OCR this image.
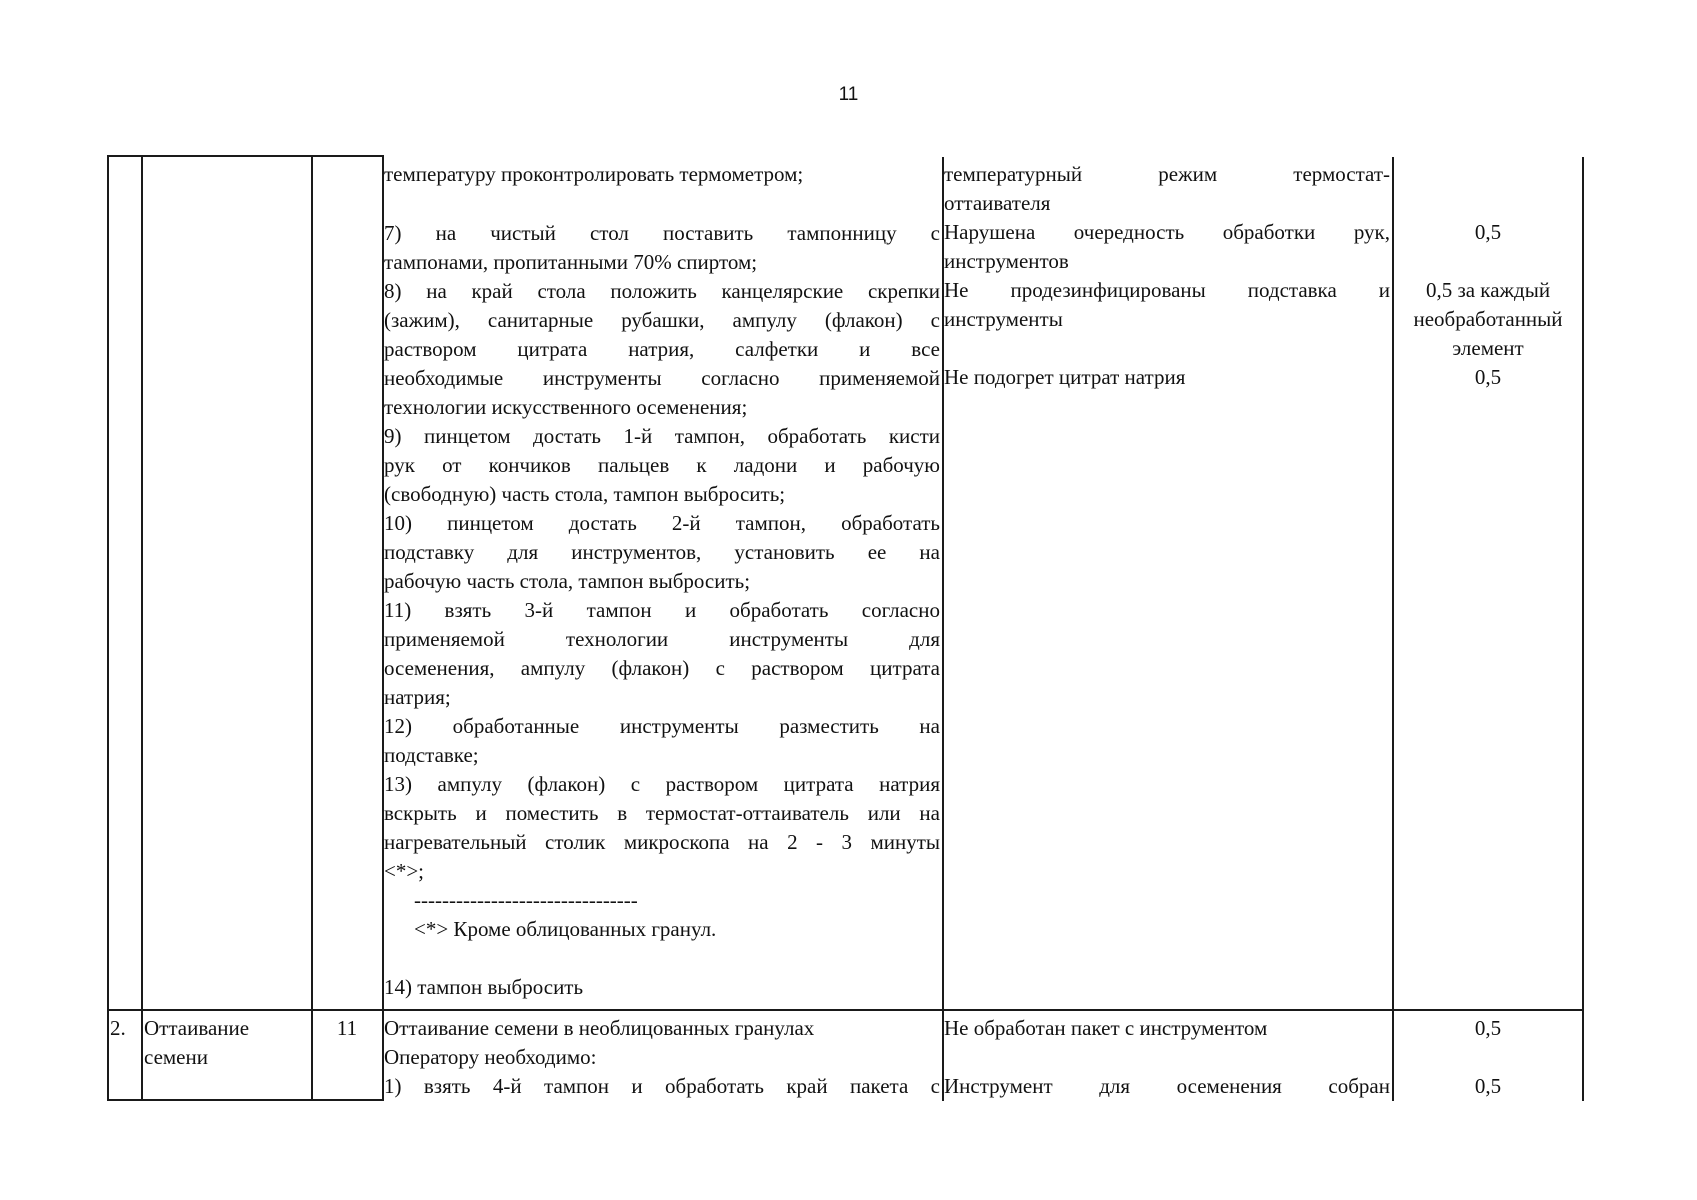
11
температуру проконтролировать термометром;
7) на чистый стол поставить тампонницу с
тампонами, пропитанными 70% спиртом;
8) на край стола положить канцелярские скрепки
(зажим), санитарные рубашки, ампулу (флакон) с
раствором цитрата натрия, салфетки и все
необходимые инструменты согласно применяемой
технологии искусственного осеменения;
9) пинцетом достать 1-й тампон, обработать кисти
рук от кончиков пальцев к ладони и рабочую
(свободную) часть стола, тампон выбросить;
10) пинцетом достать 2-й тампон, обработать
подставку для инструментов, установить ее на
рабочую часть стола, тампон выбросить;
11) взять 3-й тампон и обработать согласно
применяемой технологии инструменты для
осеменения, ампулу (флакон) с раствором цитрата
натрия;
12) обработанные инструменты разместить на
подставке;
13) ампулу (флакон) с раствором цитрата натрия
вскрыть и поместить в термостат-оттаиватель или на
нагревательный столик микроскопа на 2 - 3 минуты
<*>;
--------------------------------
<*> Кроме облицованных гранул.
14) тампон выбросить
температурный режим термостат-
оттаивателя
Нарушена очередность обработки рук,
инструментов
Не продезинфицированы подставка и
инструменты
Не подогрет цитрат натрия
0,5
0,5 за каждый
необработанный
элемент
0,5
2. Оттаивание
семени
11	Оттаивание семени в необлицованных гранулах
Оператору необходимо:
1) взять 4-й тампон и обработать край пакета с
Не обработан пакет с инструментом
Инструмент для осеменения собран
0,5
0,5
